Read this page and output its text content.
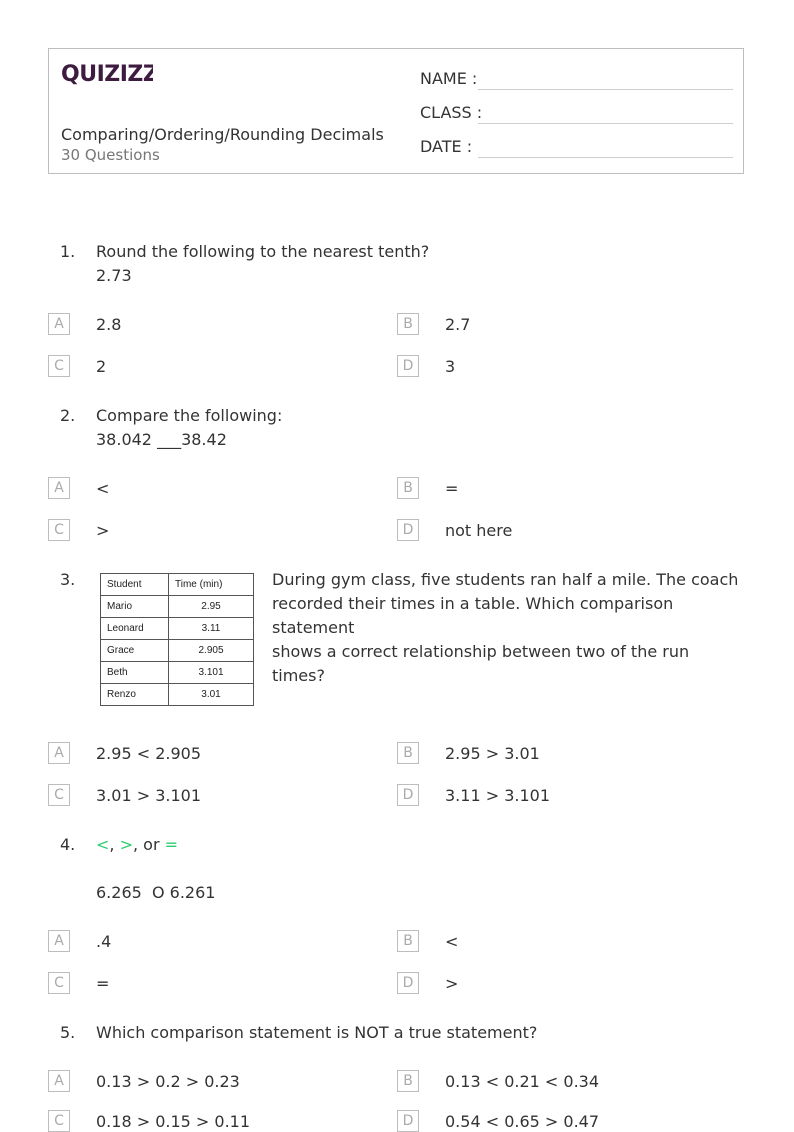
QUIZIZZ
Comparing/Ordering/Rounding Decimals
30 Questions
NAME :
CLASS :
DATE :
1. Round the following to the nearest tenth?
2.73
A	2.8	B	2.7
C	2	D	3
2. Compare the following:
38.042 ___38.42
A	<	B	=
C	>	D	not here
3.	Student	Time (min)
Mario	2.95
Leonard	3.11
Grace	2.905
Beth	3.101
Renzo	3.01
During gym class, five students ran half a mile. The coach
recorded their times in a table. Which comparison statement
shows a correct relationship between two of the run times?
A	2.95 < 2.905	B	2.95 > 3.01
C	3.01 > 3.101	D	3.11 > 3.101
4. <, >, or =
6.265  O 6.261
A	.4	B	<
C	=	D	>
5. Which comparison statement is NOT a true statement?
A	0.13 > 0.2 > 0.23	B	0.13 < 0.21 < 0.34
C	0.18 > 0.15 > 0.11	D	0.54 < 0.65 > 0.47
